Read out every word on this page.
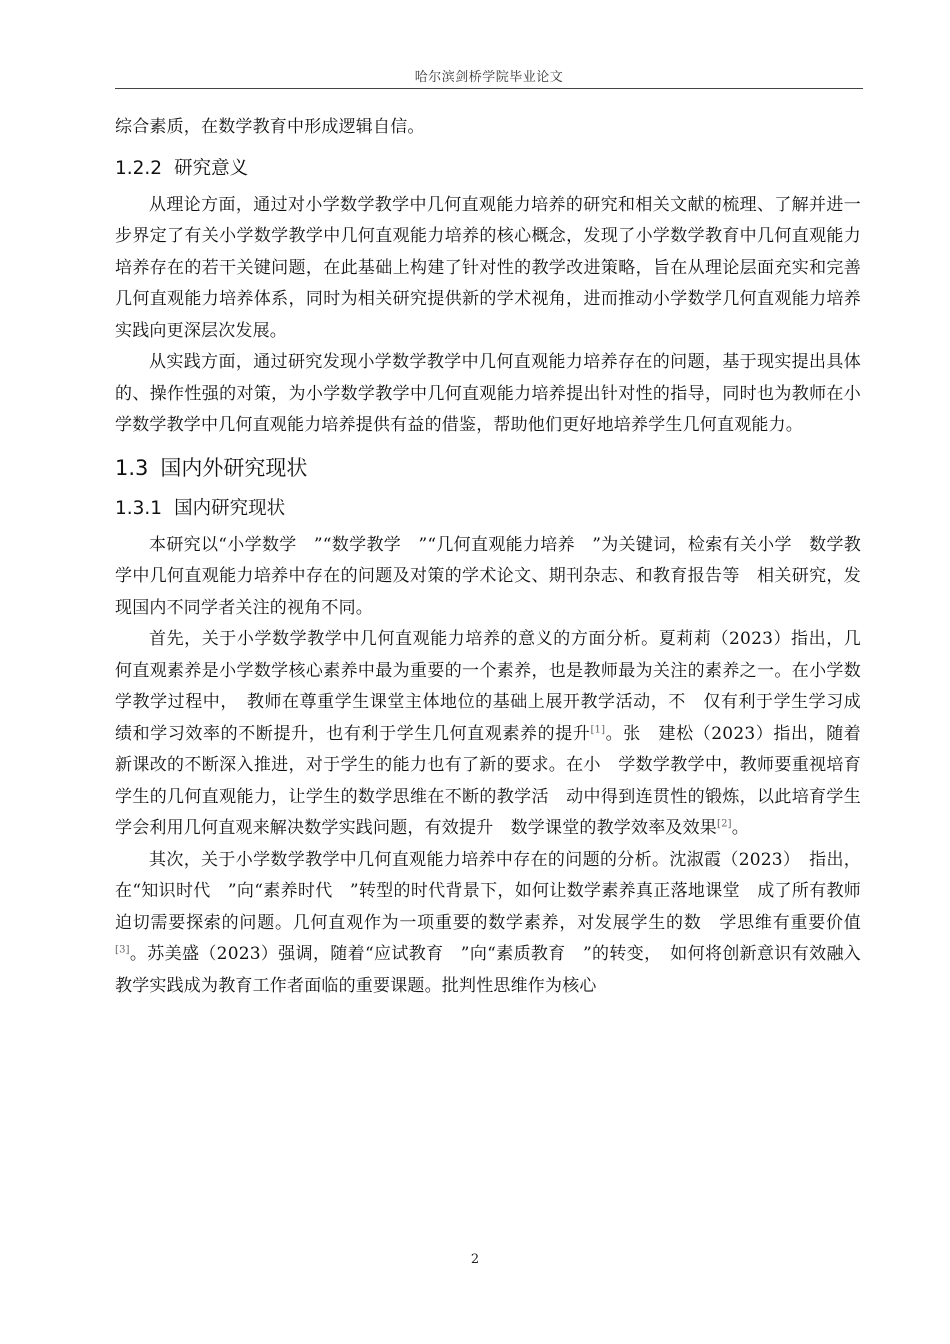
哈尔滨剑桥学院毕业论文

综合素质，在数学教育中形成逻辑自信。

1.2.2 研究意义

从理论方面，通过对小学数学教学中几何直观能力培养的研究和相关文献的梳理、了解并进一步界定了有关小学数学教学中几何直观能力培养的核心概念，发现了小学数学教育中几何直观能力培养存在的若干关键问题，在此基础上构建了针对性的教学改进策略，旨在从理论层面充实和完善几何直观能力培养体系，同时为相关研究提供新的学术视角，进而推动小学数学几何直观能力培养实践向更深层次发展。

从实践方面，通过研究发现小学数学教学中几何直观能力培养存在的问题，基于现实提出具体的、操作性强的对策，为小学数学教学中几何直观能力培养提出针对性的指导，同时也为教师在小学数学教学中几何直观能力培养提供有益的借鉴，帮助他们更好地培养学生几何直观能力。

1.3 国内外研究现状
1.3.1 国内研究现状

本研究以“小学数学　”“数学教学　”“几何直观能力培养　”为关键词，检索有关小学　数学教学中几何直观能力培养中存在的问题及对策的学术论文、期刊杂志、和教育报告等　相关研究，发现国内不同学者关注的视角不同。

首先，关于小学数学教学中几何直观能力培养的意义的方面分析。夏莉莉（2023）指出，几何直观素养是小学数学核心素养中最为重要的一个素养，也是教师最为关注的素养之一。在小学数学教学过程中，　教师在尊重学生课堂主体地位的基础上展开教学活动，不　仅有利于学生学习成绩和学习效率的不断提升，也有利于学生几何直观素养的提升[1]。张　建松（2023）指出，随着新课改的不断深入推进，对于学生的能力也有了新的要求。在小　学数学教学中，教师要重视培育学生的几何直观能力，让学生的数学思维在不断的教学活　动中得到连贯性的锻炼，以此培育学生学会利用几何直观来解决数学实践问题，有效提升　数学课堂的教学效率及效果[2]。

其次，关于小学数学教学中几何直观能力培养中存在的问题的分析。沈淑霞（2023）　指出，在“知识时代　”向“素养时代　”转型的时代背景下，如何让数学素养真正落地课堂　成了所有教师迫切需要探索的问题。几何直观作为一项重要的数学素养，对发展学生的数　学思维有重要价值[3]。苏美盛（2023）强调，随着“应试教育　”向“素质教育　”的转变，　如何将创新意识有效融入教学实践成为教育工作者面临的重要课题。批判性思维作为核心

2
